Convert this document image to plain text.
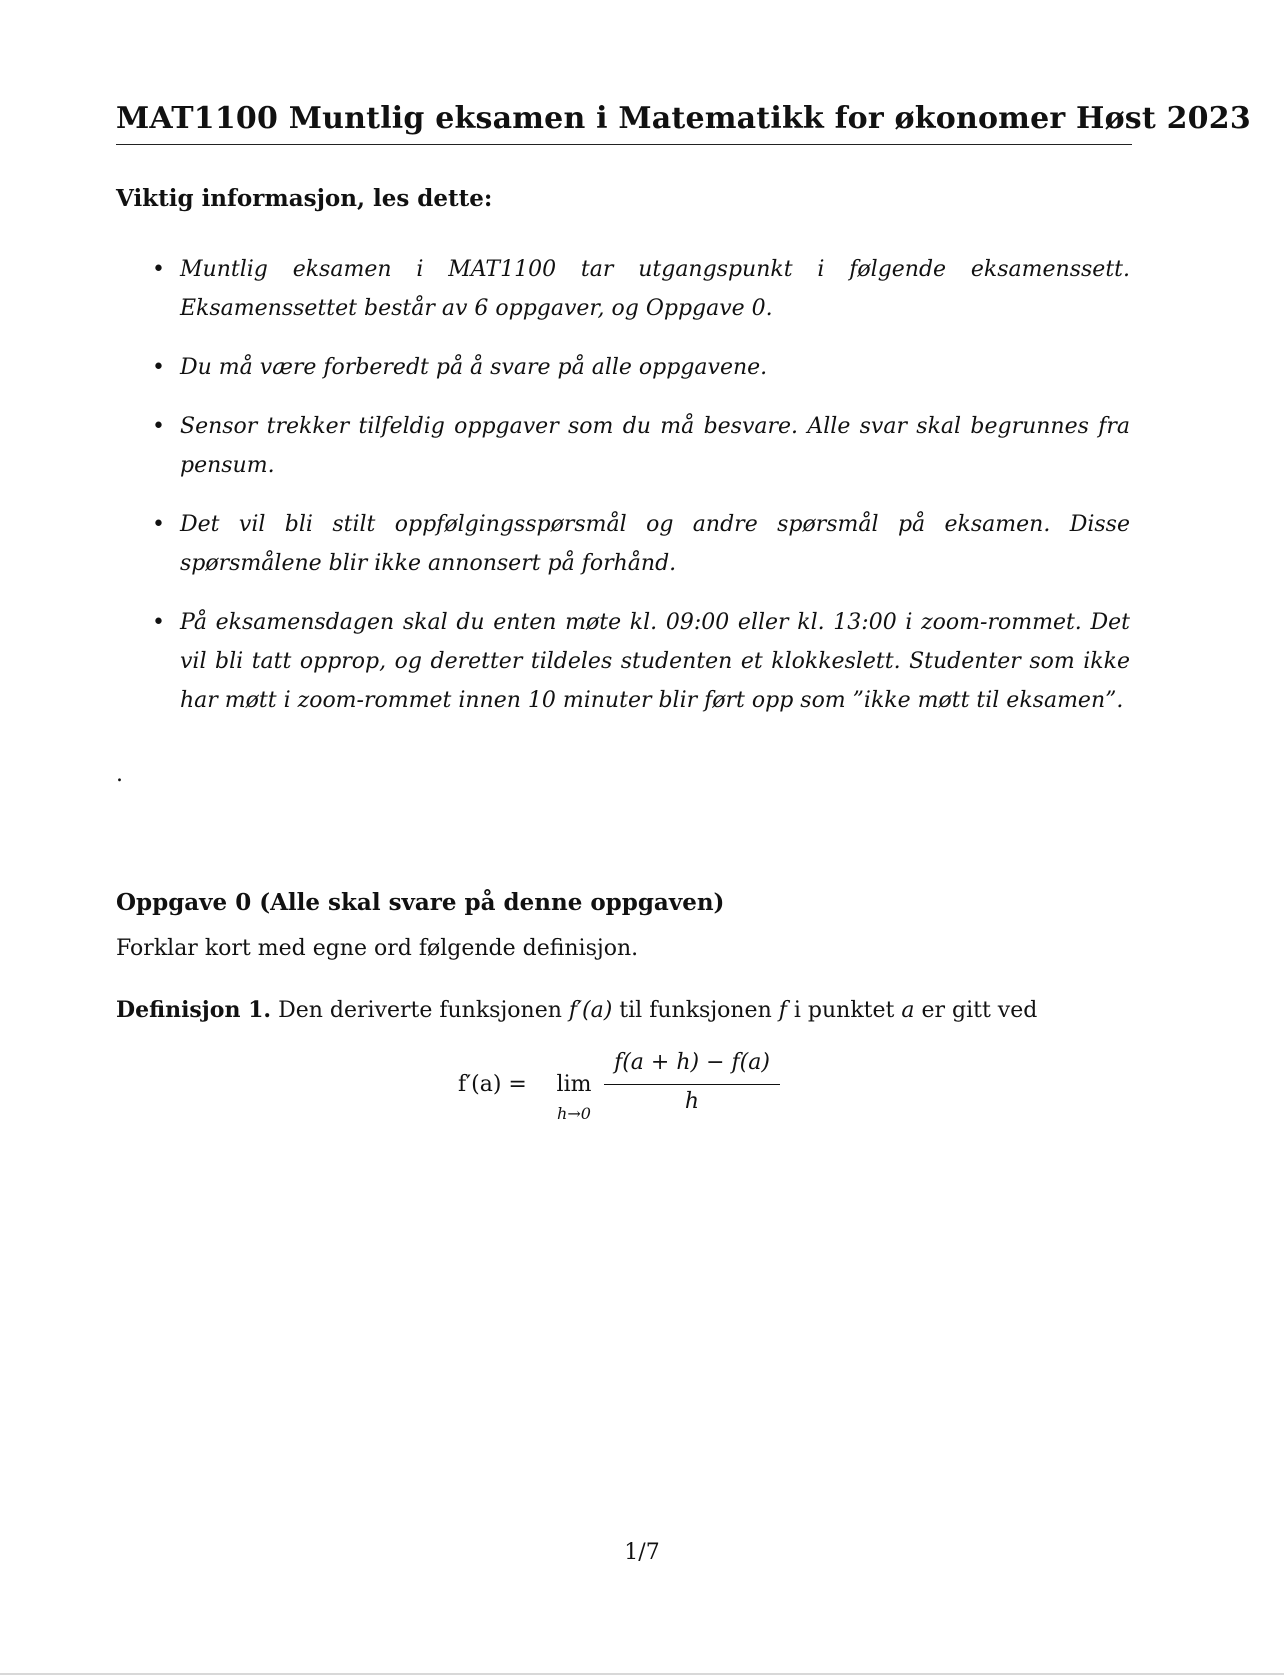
MAT1100 Muntlig eksamen i Matematikk for økonomer Høst 2023
Viktig informasjon, les dette:
• Muntlig eksamen i MAT1100 tar utgangspunkt i følgende eksamenssett. Eksamenssettet består av 6 oppgaver, og Oppgave 0.
• Du må være forberedt på å svare på alle oppgavene.
• Sensor trekker tilfeldig oppgaver som du må besvare. Alle svar skal begrunnes fra pensum.
• Det vil bli stilt oppfølgingsspørsmål og andre spørsmål på eksamen. Disse spørsmålene blir ikke annonsert på forhånd.
• På eksamensdagen skal du enten møte kl. 09:00 eller kl. 13:00 i zoom-rommet. Det vil bli tatt opprop, og deretter tildeles studenten et klokkeslett. Studenter som ikke har møtt i zoom-rommet innen 10 minuter blir ført opp som ”ikke møtt til eksamen”.
.
Oppgave 0 (Alle skal svare på denne oppgaven)
Forklar kort med egne ord følgende definisjon.
Definisjon 1. Den deriverte funksjonen f′(a) til funksjonen f i punktet a er gitt ved
f′(a) = lim
h→0
f(a + h) − f(a)
h
1/7
